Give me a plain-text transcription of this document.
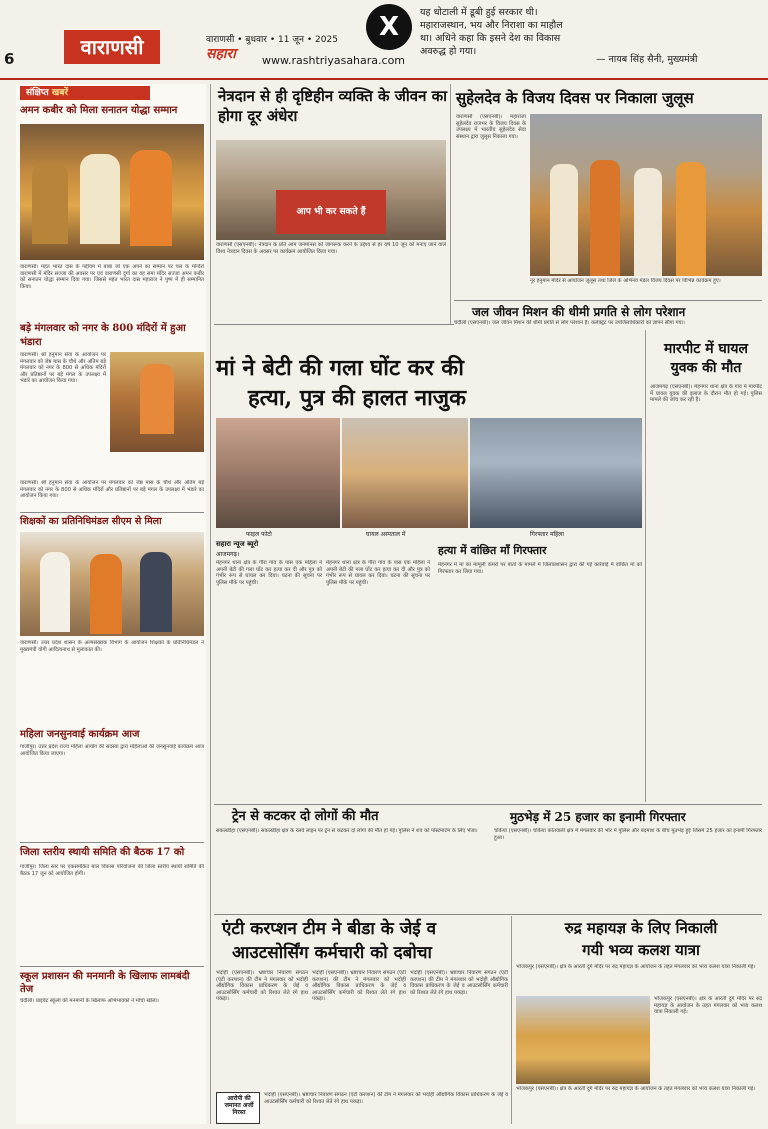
6	वाराणसी	वाराणसी • बुधवार • 11 जून • 2025
सहारा	www.rashtriyasahara.com
X	यह धोटाली में डूबी हुई सरकार थी। महाराजस्थान, भय और निराशा का माहौल था। अधिने कहा कि इसने देश का विकास अवरुद्ध हो गया।
— नायब सिंह सैनी, मुख्यमंत्री
संक्षिप्त खबरें
अमन कबीर को मिला सनातन योद्धा सम्मान
वाराणसी। महंत भारत दास के गद्दीयम में बाबा जो एक अपने का सम्मान पर चल के मन्दिरों वाराणसी में मंदिर सज्जा की अवसर पर एवं वाराणसी दुर्गा का वह समा मंदिर सज्जा अमन कबीर को सनातन योद्धा सम्मान दिया गया। जिससे महंत भारत दास महाराज ने पुष्प में ही सम्मानित किया।
बड़े मंगलवार को नगर के 800 मंदिरों में हुआ भंडारा
वाराणसी। श्री हनुमान सेवा के आयोजन पर मंगलवार को जेष्ठ मास के चौथे और अंतिम बड़े मंगलवार को नगर के 800 से अधिक मंदिरों और प्रतिष्ठानों पर बड़े मंगल के उपलक्ष्य में भंडारे का आयोजन किया गया।
वाराणसी। श्री हनुमान सेवा के आयोजन पर मंगलवार को जेष्ठ मास के चौथे और अंतिम बड़े मंगलवार को नगर के 800 से अधिक मंदिरों और प्रतिष्ठानों पर बड़े मंगल के उपलक्ष्य में भंडारे का आयोजन किया गया।
शिक्षकों का प्रतिनिधिमंडल सीएम से मिला
वाराणसी। उत्तर प्रदेश शासन के अल्पसंख्यक विभाग के आयोजन शिक्षकों के प्रतिनिधिमंडल ने मुख्यमंत्री योगी आदित्यनाथ से मुलाकात की।
महिला जनसुनवाई कार्यक्रम आज
गाजीपुर। उत्तर प्रदेश राज्य महिला आयोग की सदस्या द्वारा महिलाओं की जनसुनवाई कार्यक्रम आज आयोजित किया जाएगा।
जिला स्तरीय स्थायी समिति की बैठक 17 को
गाजीपुर। जिला स्तर पर एकसमेकित बाल विकास परियोजना की जिला स्तरीय स्थायी समिति की बैठक 17 जून को आयोजित होगी।
स्कूल प्रशासन की मनमानी के खिलाफ लामबंदी तेज
चंदौली। प्राइवेट स्कूलों की मनमानी के खिलाफ अभिभावकों ने मोर्चा खोला।
नेत्रदान से ही दृष्टिहीन व्यक्ति के जीवन का होगा दूर अंधेरा
आप भी कर सकते हैं
वाराणसी (एसएनबी)। नेत्रदान के प्रति आम जनमानस को जागरूक करने के उद्देश्य से हर वर्ष 10 जून को मनाए जाने वाले विश्व नेत्रदान दिवस के अवसर पर कार्यक्रम आयोजित किया गया।
सुहेलदेव के विजय दिवस पर निकाला जुलूस
वाराणसी (एसएनबी)। महाराजा सुहेलदेव राजभर के विजय दिवस के उपलक्ष्य में भारतीय सुहेलदेव सेवा संस्थान द्वारा जुलूस निकाला गया।
नूर हनुमान मंदिर से आयोजन जुलूस तथा जिले के अभिनव मंडल विजय दिवस पर विभिन्न कार्यक्रम हुए।
जल जीवन मिशन की धीमी प्रगति से लोग परेशान
चंदौली (एसएनबी)। जल जीवन मिशन की धीमी प्रगति से लोग परेशान हैं। कलेक्ट्रेट पर उपजिलाधिकारी को ज्ञापन सौंपा गया।
मां ने बेटी की गला घोंट कर की
हत्या, पुत्र की हालत नाजुक
फाइल फोटो	घायल अस्पताल में	गिरफ्तार महिला
सहारा न्यूज ब्यूरो
आजमगढ़।
मेहनगर थाना क्षेत्र के गौरा गांव के पास एक महिला ने अपनी बेटी की गला घोंट कर हत्या कर दी और पुत्र को गंभीर रूप से घायल कर दिया। घटना की सूचना पर पुलिस मौके पर पहुंची।
मेहनगर थाना क्षेत्र के गौरा गांव के पास एक महिला ने अपनी बेटी की गला घोंट कर हत्या कर दी और पुत्र को गंभीर रूप से घायल कर दिया। घटना की सूचना पर पुलिस मौके पर पहुंची।
हत्या में वांछित माँ गिरफ्तार
मेहनगर में मां का मामूली कमरों पर बातों के मामले में जिलाप्रशासन द्वारा की गई कार्रवाई में वांछित मां को गिरफ्तार कर लिया गया।
मारपीट में घायल युवक की मौत
आजमगढ़ (एसएनबी)। मेहनगर थाना क्षेत्र के गांव में मारपीट में घायल युवक की इलाज के दौरान मौत हो गई। पुलिस मामले की जांच कर रही है।
ट्रेन से कटकर दो लोगों की मौत
सकलडीहा (एसएनबी)। सकलडीहा क्षेत्र के रेलवे लाइन पर ट्रेन से कटकर दो लोगों की मौत हो गई। पुलिस ने शव को पोस्टमार्टम के लिए भेजा।
मुठभेड़ में 25 हजार का इनामी गिरफ्तार
चकिया (एसएनबी)। चकिया कोतवाली क्षेत्र में मंगलवार की भोर में पुलिस और बदमाश के बीच मुठभेड़ हुई जिसमें 25 हजार का इनामी गिरफ्तार हुआ।
एंटी करप्शन टीम ने बीडा के जेई व
आउटसोर्सिंग कर्मचारी को दबोचा
भदोही (एसएनबी)। भ्रष्टाचार निवारण संगठन (एंटी करप्शन) की टीम ने मंगलवार को भदोही औद्योगिक विकास प्राधिकरण के जेई व आउटसोर्सिंग कर्मचारी को रिश्वत लेते रंगे हाथ पकड़ा।
भदोही (एसएनबी)। भ्रष्टाचार निवारण संगठन (एंटी करप्शन) की टीम ने मंगलवार को भदोही औद्योगिक विकास प्राधिकरण के जेई व आउटसोर्सिंग कर्मचारी को रिश्वत लेते रंगे हाथ पकड़ा।
भदोही (एसएनबी)। भ्रष्टाचार निवारण संगठन (एंटी करप्शन) की टीम ने मंगलवार को भदोही औद्योगिक विकास प्राधिकरण के जेई व आउटसोर्सिंग कर्मचारी को रिश्वत लेते रंगे हाथ पकड़ा।
आरोपी की जमानत अर्जी निरस्त
भदोही (एसएनबी)। भ्रष्टाचार निवारण संगठन (एंटी करप्शन) की टीम ने मंगलवार को भदोही औद्योगिक विकास प्राधिकरण के जेई व आउटसोर्सिंग कर्मचारी को रिश्वत लेते रंगे हाथ पकड़ा।
रुद्र महायज्ञ के लिए निकाली
गयी भव्य कलश यात्रा
भोजकपुर (एसएनबी)। क्षेत्र के आरती दुर्ग मंदिर पर रुद्र महायज्ञ के आयोजन के तहत मंगलवार को भव्य कलश यात्रा निकाली गई।
भोजकपुर (एसएनबी)। क्षेत्र के आरती दुर्ग मंदिर पर रुद्र महायज्ञ के आयोजन के तहत मंगलवार को भव्य कलश यात्रा निकाली गई।
भोजकपुर (एसएनबी)। क्षेत्र के आरती दुर्ग मंदिर पर रुद्र महायज्ञ के आयोजन के तहत मंगलवार को भव्य कलश यात्रा निकाली गई।
